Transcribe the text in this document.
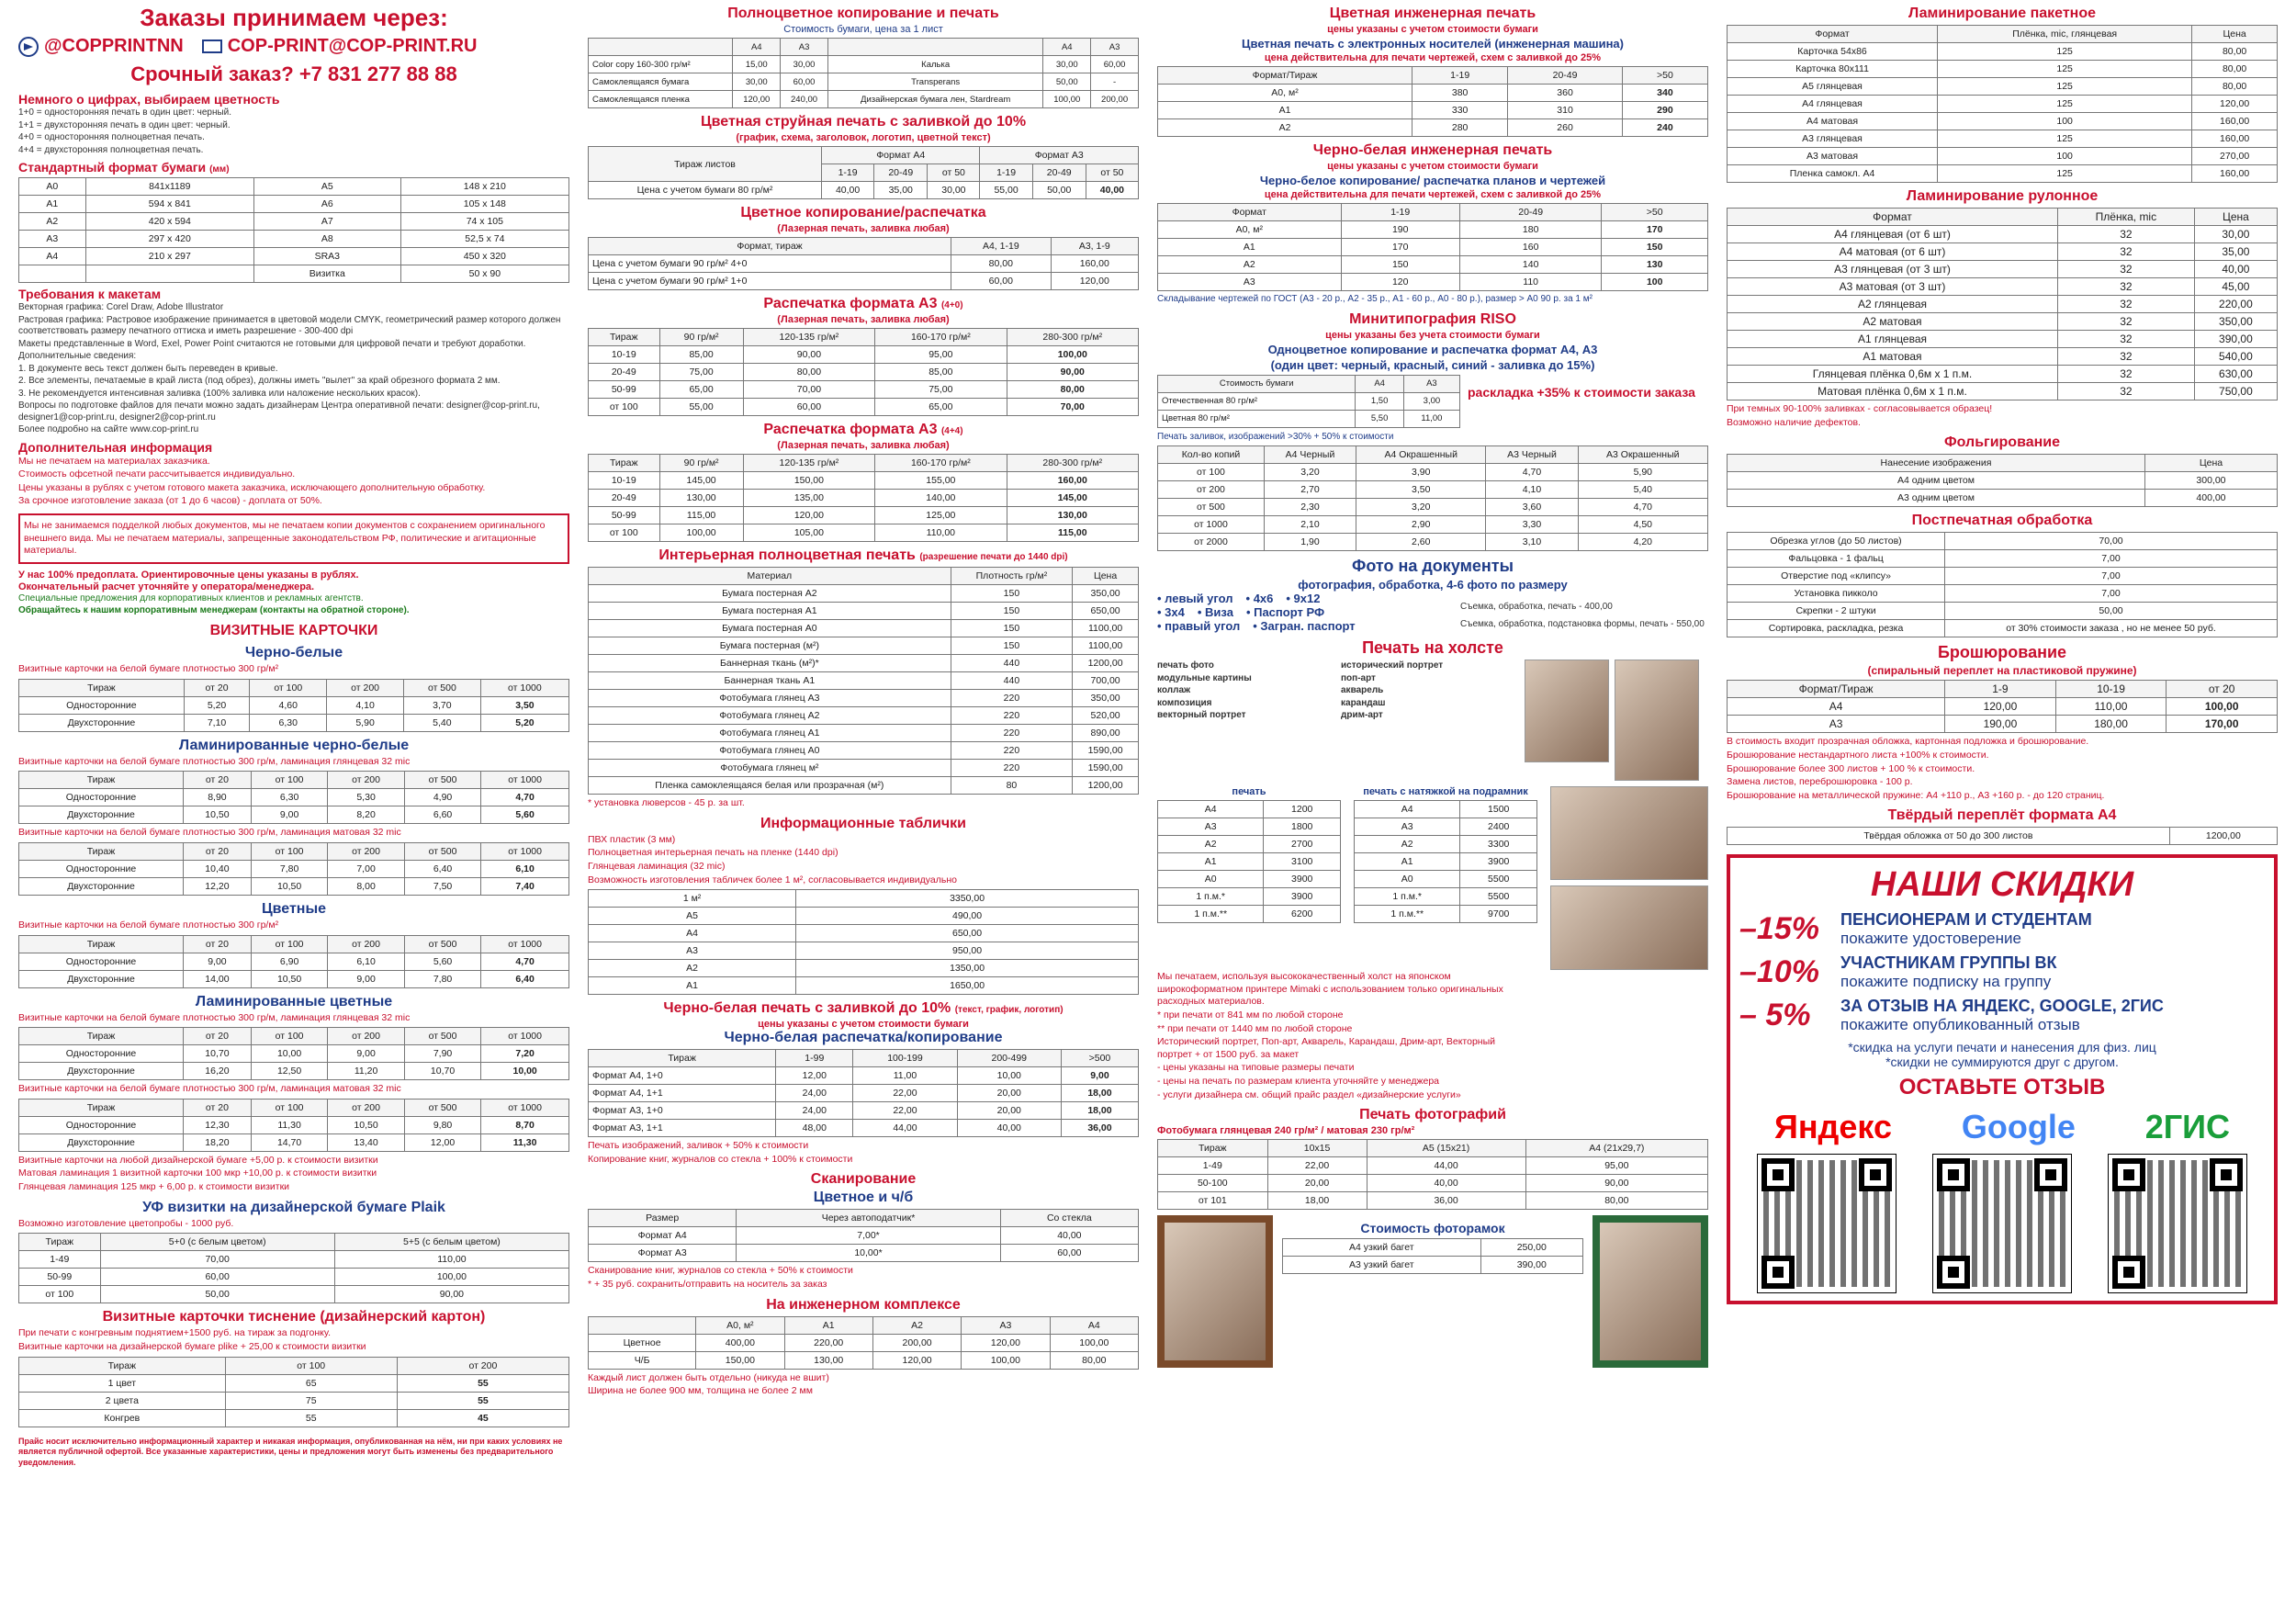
Заказы принимаем через:
@COPPRINTNN COP-PRINT@COP-PRINT.RU
Срочный заказ? +7 831 277 88 88
Немного о цифрах, выбираем цветность
1+0 = односторонняя печать в один цвет: черный.
1+1 = двухсторонняя печать в один цвет: черный.
4+0 = односторонняя полноцветная печать.
4+4 = двухсторонняя полноцветная печать.
Стандартный формат бумаги (мм)
A0	841x1189	A5	148 x 210
A1	594 x 841	A6	105 x 148
A2	420 x 594	A7	74 x 105
A3	297 x 420	A8	52,5 x 74
A4	210 x 297	SRA3	450 x 320
		Визитка	50 x 90
Требования к макетам
Векторная графика: Corel Draw, Adobe Illustrator
Растровая графика: Растровое изображение принимается в цветовой модели CMYK, геометрический размер которого должен соответствовать размеру печатного оттиска и иметь разрешение - 300-400 dpi
Макеты представленные в Word, Exel, Power Point считаются не готовыми для цифровой печати и требуют доработки.
Дополнительные сведения:
1. В документе весь текст должен быть переведен в кривые.
2. Все элементы, печатаемые в край листа (под обрез), должны иметь "вылет" за край обрезного формата 2 мм.
3. Не рекомендуется интенсивная заливка (100% заливка или наложение нескольких красок).
Вопросы по подготовке файлов для печати можно задать дизайнерам Центра оперативной печати: designer@cop-print.ru, designer1@cop-print.ru, designer2@cop-print.ru
Более подробно на сайте www.cop-print.ru
Дополнительная информация
Мы не печатаем на материалах заказчика.
Стоимость офсетной печати рассчитывается индивидуально.
Цены указаны в рублях с учетом готового макета заказчика, исключающего дополнительную обработку.
За срочное изготовление заказа (от 1 до 6 часов) - доплата от 50%.
Мы не занимаемся подделкой любых документов, мы не печатаем копии документов с сохранением оригинального внешнего вида. Мы не печатаем материалы, запрещенные законодательством РФ, политические и агитационные материалы.
У нас 100% предоплата. Ориентировочные цены указаны в рублях.
Окончательный расчет уточняйте у оператора/менеджера.
Специальные предложения для корпоративных клиентов и рекламных агентств.
Обращайтесь к нашим корпоративным менеджерам (контакты на обратной стороне).
ВИЗИТНЫЕ КАРТОЧКИ
Черно-белые
Визитные карточки на белой бумаге плотностью 300 гр/м²
Тираж	от 20	от 100	от 200	от 500	от 1000
Односторонние	5,20	4,60	4,10	3,70	3,50
Двухсторонние	7,10	6,30	5,90	5,40	5,20
Ламинированные черно-белые
Визитные карточки на белой бумаге плотностью 300 гр/м, ламинация глянцевая 32 mic
Тираж	от 20	от 100	от 200	от 500	от 1000
Односторонние	8,90	6,30	5,30	4,90	4,70
Двухсторонние	10,50	9,00	8,20	6,60	5,60
Визитные карточки на белой бумаге плотностью 300 гр/м, ламинация матовая 32 mic
Тираж	от 20	от 100	от 200	от 500	от 1000
Односторонние	10,40	7,80	7,00	6,40	6,10
Двухсторонние	12,20	10,50	8,00	7,50	7,40
Цветные
Визитные карточки на белой бумаге плотностью 300 гр/м²
Тираж	от 20	от 100	от 200	от 500	от 1000
Односторонние	9,00	6,90	6,10	5,60	4,70
Двухсторонние	14,00	10,50	9,00	7,80	6,40
Ламинированные цветные
Визитные карточки на белой бумаге плотностью 300 гр/м, ламинация глянцевая 32 mic
Тираж	от 20	от 100	от 200	от 500	от 1000
Односторонние	10,70	10,00	9,00	7,90	7,20
Двухсторонние	16,20	12,50	11,20	10,70	10,00
Визитные карточки на белой бумаге плотностью 300 гр/м, ламинация матовая 32 mic
Тираж	от 20	от 100	от 200	от 500	от 1000
Односторонние	12,30	11,30	10,50	9,80	8,70
Двухсторонние	18,20	14,70	13,40	12,00	11,30
Визитные карточки на любой дизайнерской бумаге +5,00 р. к стоимости визитки
Матовая ламинация 1 визитной карточки 100 мкр +10,00 р. к стоимости визитки
Глянцевая ламинация 125 мкр + 6,00 р. к стоимости визитки
УФ визитки на дизайнерской бумаге Plaik
Возможно изготовление цветопробы - 1000 руб.
Тираж	5+0 (с белым цветом)	5+5 (с белым цветом)
1-49	70,00	110,00
50-99	60,00	100,00
от 100	50,00	90,00
Визитные карточки тиснение (дизайнерский картон)
При печати с конгревным поднятием+1500 руб. на тираж за подгонку.
Визитные карточки на дизайнерской бумаге plike + 25,00 к стоимости визитки
Тираж	от 100	от 200
1 цвет	65	55
2 цвета	75	55
Конгрев	55	45
Прайс носит исключительно информационный характер и никакая информация, опубликованная на нём, ни при каких условиях не является публичной офертой. Все указанные характеристики, цены и предложения могут быть изменены без предварительного уведомления.
Полноцветное копирование и печать
Стоимость бумаги, цена за 1 лист
	A4	A3		A4	A3
Color copy 160-300 гр/м²	15,00	30,00	Калька	30,00	60,00
Самоклеящаяся бумага	30,00	60,00	Transperans	50,00	-
Самоклеящаяся пленка	120,00	240,00	Дизайнерская бумага лен, Stardream	100,00	200,00
Цветная струйная печать с заливкой до 10%
(график, схема, заголовок, логотип, цветной текст)
Тираж листов	Формат A4			Формат A3		
	1-19	20-49	от 50	1-19	20-49	от 50
Цена с учетом бумаги 80 гр/м²	40,00	35,00	30,00	55,00	50,00	40,00
Цветное копирование/распечатка
(Лазерная печать, заливка любая)
Формат, тираж	A4, 1-19	A3, 1-9
Цена с учетом бумаги 90 гр/м² 4+0	80,00	160,00
Цена с учетом бумаги 90 гр/м² 1+0	60,00	120,00
Распечатка формата А3 (4+0)
(Лазерная печать, заливка любая)
Тираж	90 гр/м²	120-135 гр/м²	160-170 гр/м²	280-300 гр/м²
10-19	85,00	90,00	95,00	100,00
20-49	75,00	80,00	85,00	90,00
50-99	65,00	70,00	75,00	80,00
от 100	55,00	60,00	65,00	70,00
Распечатка формата А3 (4+4)
(Лазерная печать, заливка любая)
Тираж	90 гр/м²	120-135 гр/м²	160-170 гр/м²	280-300 гр/м²
10-19	145,00	150,00	155,00	160,00
20-49	130,00	135,00	140,00	145,00
50-99	115,00	120,00	125,00	130,00
от 100	100,00	105,00	110,00	115,00
Интерьерная полноцветная печать (разрешение печати до 1440 dpi)
Материал	Плотность гр/м²	Цена
Бумага постерная А2	150	350,00
Бумага постерная А1	150	650,00
Бумага постерная А0	150	1100,00
Бумага постерная (м²)	150	1100,00
Баннерная ткань (м²)*	440	1200,00
Баннерная ткань А1	440	700,00
Фотобумага глянец А3	220	350,00
Фотобумага глянец А2	220	520,00
Фотобумага глянец А1	220	890,00
Фотобумага глянец А0	220	1590,00
Фотобумага глянец м²	220	1590,00
Пленка самоклеящаяся белая или прозрачная (м²)	80	1200,00
* установка люверсов - 45 р. за шт.
Информационные таблички
ПВХ пластик (3 мм)
Полноцветная интерьерная печать на пленке (1440 dpi)
Глянцевая ламинация (32 mic)
Возможность изготовления табличек более 1 м², согласовывается индивидуально
1 м²	3350,00
A5	490,00
A4	650,00
A3	950,00
A2	1350,00
A1	1650,00
Черно-белая печать с заливкой до 10% (текст, график, логотип)
цены указаны с учетом стоимости бумаги
Черно-белая распечатка/копирование
Тираж	1-99	100-199	200-499	>500
Формат А4, 1+0	12,00	11,00	10,00	9,00
Формат А4, 1+1	24,00	22,00	20,00	18,00
Формат А3, 1+0	24,00	22,00	20,00	18,00
Формат А3, 1+1	48,00	44,00	40,00	36,00
Печать изображений, заливок + 50% к стоимости
Копирование книг, журналов со стекла + 100% к стоимости
Сканирование
Цветное и ч/б
Размер	Через автоподатчик*	Со стекла
Формат А4	7,00*	40,00
Формат А3	10,00*	60,00
Сканирование книг, журналов со стекла + 50% к стоимости
* + 35 руб. сохранить/отправить на носитель за заказ
На инженерном комплексе
	A0, м²	A1	A2	A3	A4
Цветное	400,00	220,00	200,00	120,00	100,00
Ч/Б	150,00	130,00	120,00	100,00	80,00
Каждый лист должен быть отдельно (никуда не вшит)
Ширина не более 900 мм, толщина не более 2 мм
Цветная инженерная печать
цены указаны с учетом стоимости бумаги
Цветная печать с электронных носителей (инженерная машина)
цена действительна для печати чертежей, схем с заливкой до 25%
Формат/Тираж	1-19	20-49	>50
A0, м²	380	360	340
A1	330	310	290
A2	280	260	240
Черно-белая инженерная печать
цены указаны с учетом стоимости бумаги
Черно-белое копирование/ распечатка планов и чертежей
цена действительна для печати чертежей, схем с заливкой до 25%
Формат	1-19	20-49	>50
A0, м²	190	180	170
A1	170	160	150
A2	150	140	130
A3	120	110	100
Складывание чертежей по ГОСТ (А3 - 20 р., А2 - 35 р., А1 - 60 р., А0 - 80 р.), размер > А0 90 р. за 1 м²
Минитипография RISO
цены указаны без учета стоимости бумаги
Одноцветное копирование и распечатка формат А4, А3
(один цвет: черный, красный, синий - заливка до 15%)
Стоимость бумаги	A4	A3
Отечественная 80 гр/м²	1,50	3,00
Цветная 80 гр/м²	5,50	11,00
раскладка +35% к стоимости заказа
Печать заливок, изображений >30% + 50% к стоимости
Кол-во копий	A4 Черный	A4 Окрашенный	A3 Черный	A3 Окрашенный
от 100	3,20	3,90	4,70	5,90
от 200	2,70	3,50	4,10	5,40
от 500	2,30	3,20	3,60	4,70
от 1000	2,10	2,90	3,30	4,50
от 2000	1,90	2,60	3,10	4,20
Фото на документы
фотография, обработка, 4-6 фото по размеру
• левый угол • 4x6 • 9x12
• 3x4 • Виза • Паспорт РФ
• правый угол • Загран. паспорт
Съемка, обработка, печать - 400,00
Съемка, обработка, подстановка формы, печать - 550,00
Печать на холсте
печать фото
модульные картины
коллаж
композиция
векторный портрет
исторический портрет
поп-арт
акварель
карандаш
дрим-арт
печать
A4	1200
A3	1800
A2	2700
A1	3100
A0	3900
1 п.м.*	3900
1 п.м.**	6200
печать с натяжкой на подрамник
A4	1500
A3	2400
A2	3300
A1	3900
A0	5500
1 п.м.*	5500
1 п.м.**	9700
Мы печатаем, используя высококачественный холст на японском широкоформатном принтере Mimaki с использованием только оригинальных расходных материалов.
* при печати от 841 мм по любой стороне
** при печати от 1440 мм по любой стороне
Исторический портрет, Поп-арт, Акварель, Карандаш, Дрим-арт, Векторный портрет + от 1500 руб. за макет
- цены указаны на типовые размеры печати
- цены на печать по размерам клиента уточняйте у менеджера
- услуги дизайнера см. общий прайс раздел «дизайнерские услуги»
Печать фотографий
Фотобумага глянцевая 240 гр/м² / матовая 230 гр/м²
Тираж	10x15	A5 (15x21)	A4 (21x29,7)
1-49	22,00	44,00	95,00
50-100	20,00	40,00	90,00
от 101	18,00	36,00	80,00
Стоимость фоторамок
A4 узкий багет	250,00
A3 узкий багет	390,00
Ламинирование пакетное
Формат	Плёнка, mic, глянцевая	Цена
Карточка 54x86	125	80,00
Карточка 80x111	125	80,00
A5 глянцевая	125	80,00
A4 глянцевая	125	120,00
A4 матовая	100	160,00
A3 глянцевая	125	160,00
A3 матовая	100	270,00
Пленка самокл. A4	125	160,00
Ламинирование рулонное
Формат	Плёнка, mic	Цена
A4 глянцевая (от 6 шт)	32	30,00
A4 матовая (от 6 шт)	32	35,00
A3 глянцевая (от 3 шт)	32	40,00
A3 матовая (от 3 шт)	32	45,00
A2 глянцевая	32	220,00
A2 матовая	32	350,00
A1 глянцевая	32	390,00
A1 матовая	32	540,00
Глянцевая плёнка 0,6м x 1 п.м.	32	630,00
Матовая плёнка 0,6м x 1 п.м.	32	750,00
При темных 90-100% заливках - согласовывается образец!
Возможно наличие дефектов.
Фольгирование
Нанесение изображения	Цена
A4 одним цветом	300,00
A3 одним цветом	400,00
Постпечатная обработка
Обрезка углов (до 50 листов)	70,00
Фальцовка - 1 фальц	7,00
Отверстие под «клипсу»	7,00
Установка пикколо	7,00
Скрепки - 2 штуки	50,00
Сортировка, раскладка, резка	от 30% стоимости заказа , но не менее 50 руб.
Брошюрование
(спиральный переплет на пластиковой пружине)
Формат/Тираж	1-9	10-19	от 20
A4	120,00	110,00	100,00
A3	190,00	180,00	170,00
В стоимость входит прозрачная обложка, картонная подложка и брошюрование.
Брошюрование нестандартного листа +100% к стоимости.
Брошюрование более 300 листов + 100 % к стоимости.
Замена листов, переброшюровка - 100 р.
Брошюрование на металлической пружине: А4 +110 р., А3 +160 р. - до 120 страниц.
Твёрдый переплёт формата А4
Твёрдая обложка от 50 до 300 листов	1200,00
НАШИ СКИДКИ
–15%	ПЕНСИОНЕРАМ И СТУДЕНТАМ
покажите удостоверение
–10%	УЧАСТНИКАМ ГРУППЫ ВК
покажите подписку на группу
– 5%	ЗА ОТЗЫВ НА ЯНДЕКС, GOOGLE, 2ГИС
покажите опубликованный отзыв
*скидка на услуги печати и нанесения для физ. лиц
*скидки не суммируются друг с другом.
ОСТАВЬТЕ ОТЗЫВ
Яндекс Google 2ГИС
